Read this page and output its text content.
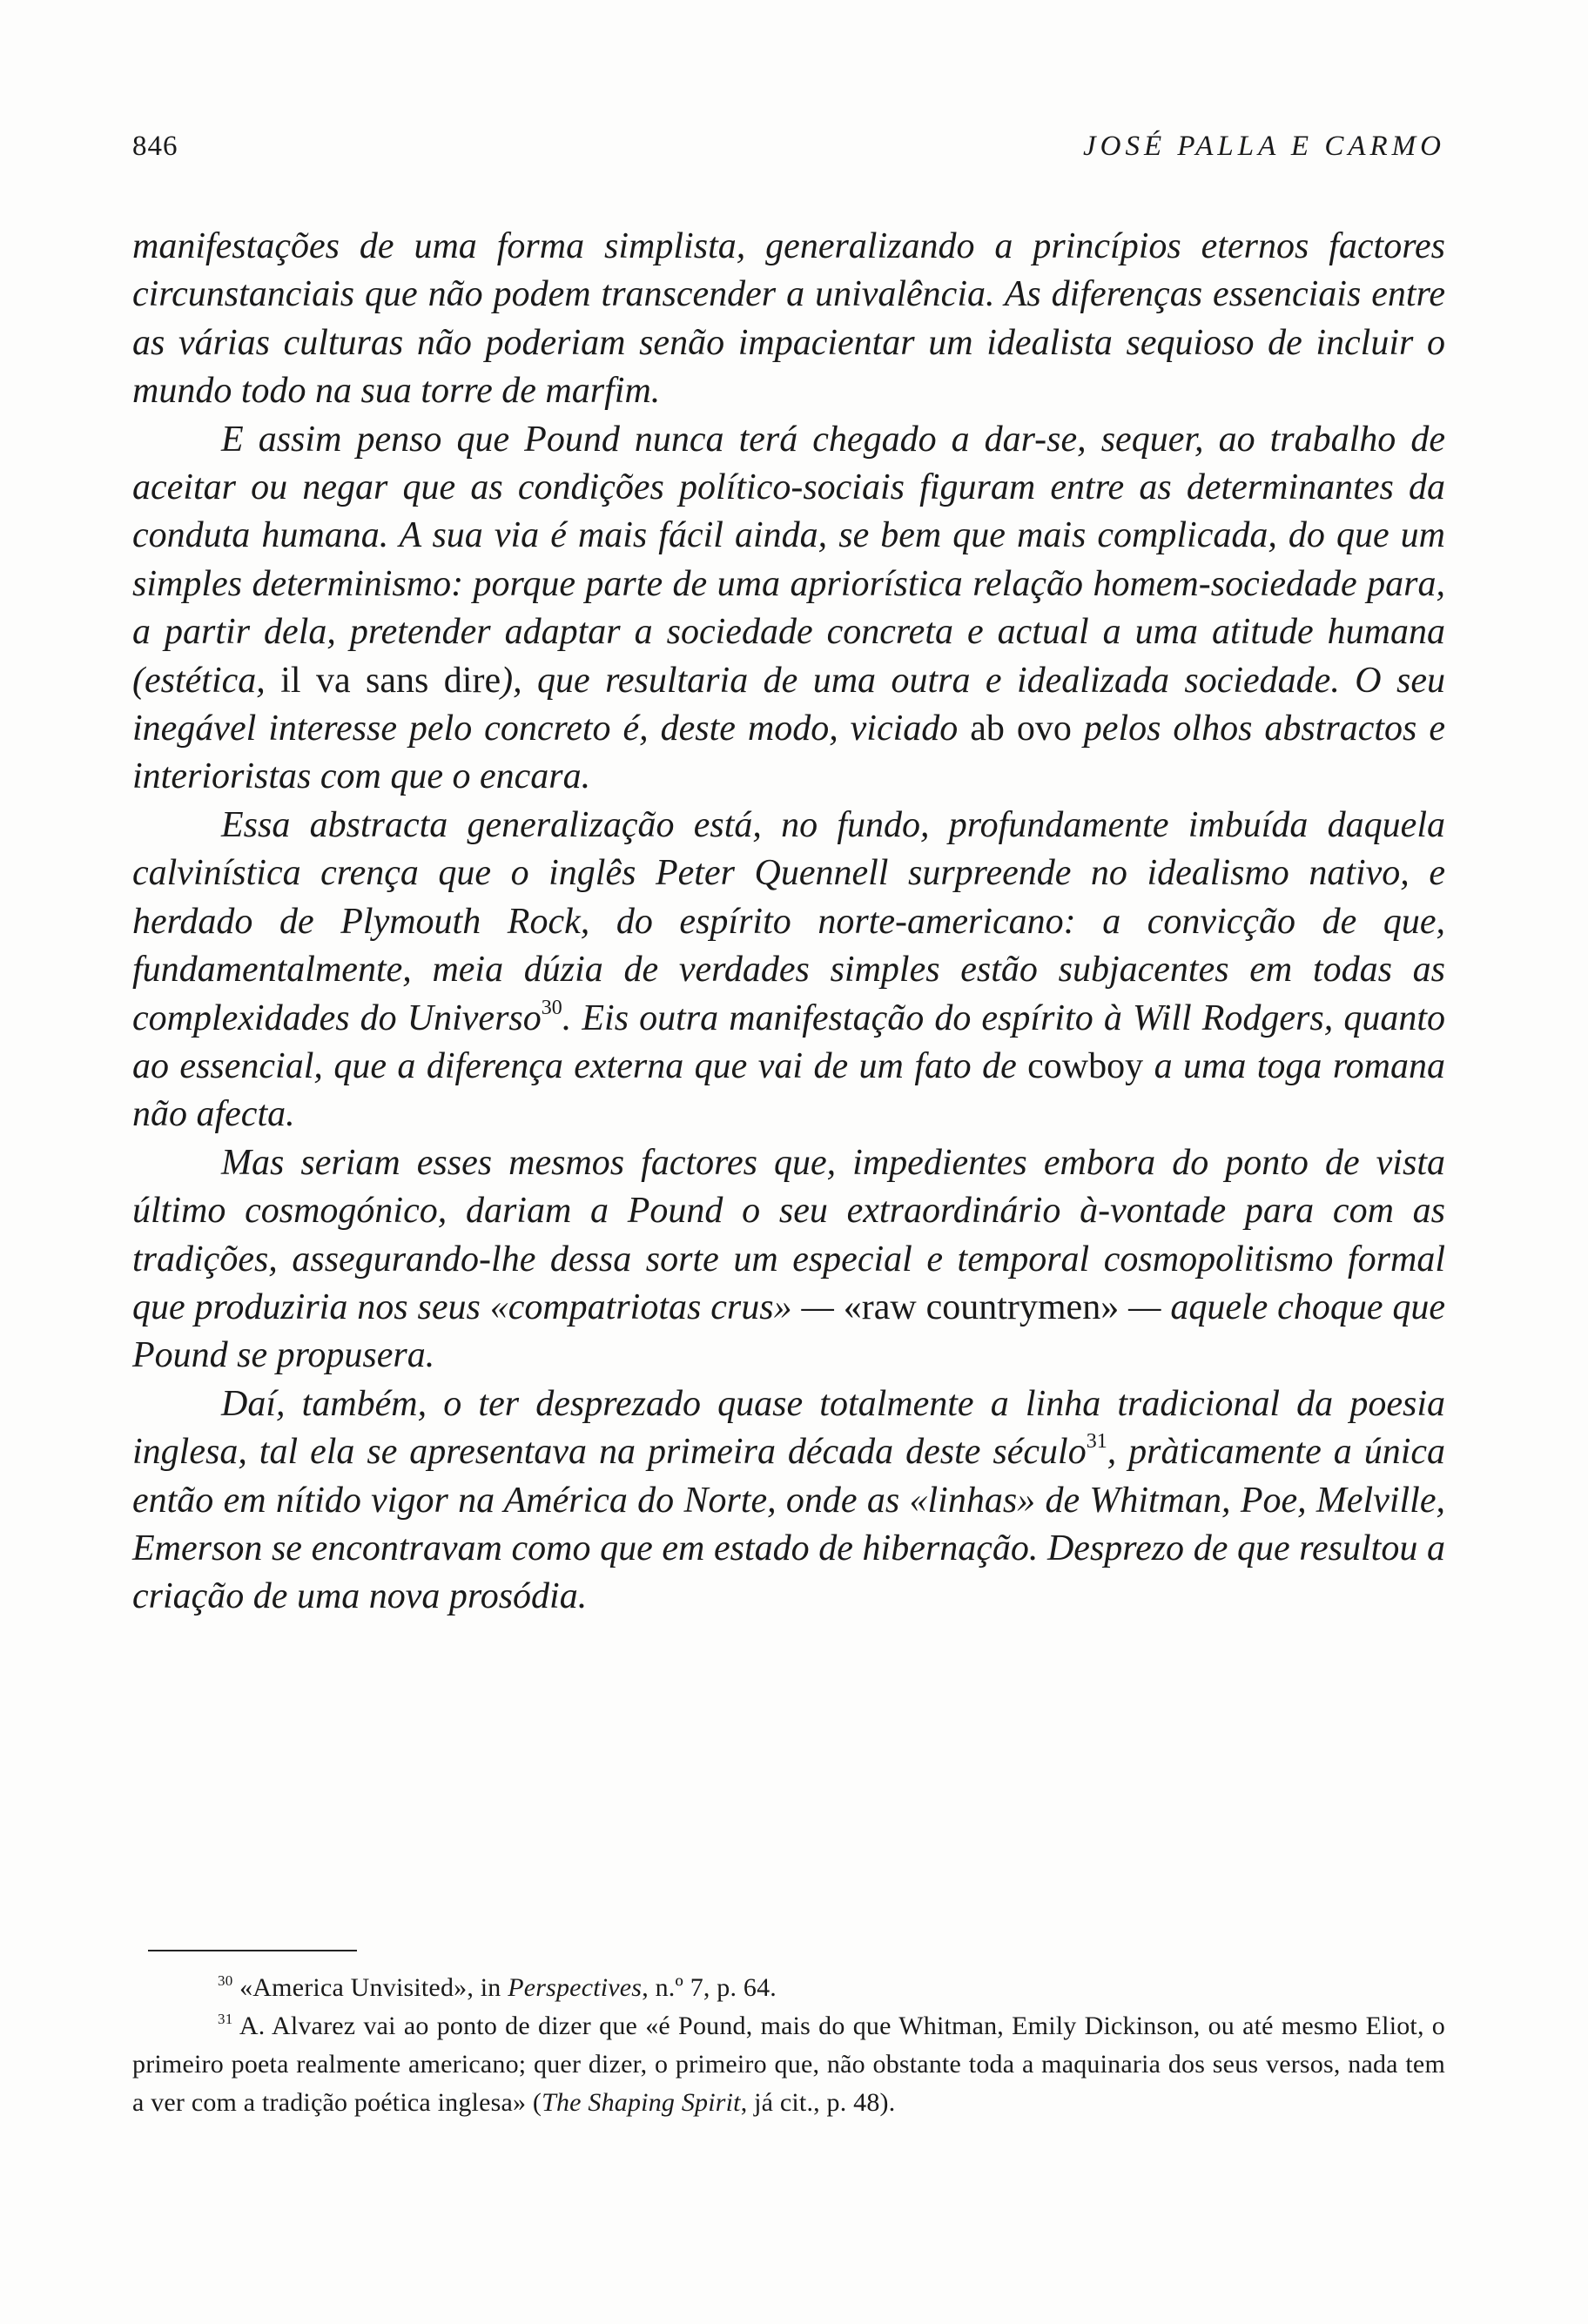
846	JOSÉ PALLA E CARMO

manifestações de uma forma simplista, generalizando a princípios eternos factores circunstanciais que não podem transcender a univalência. As diferenças essenciais entre as várias culturas não poderiam senão impacientar um idealista sequioso de incluir o mundo todo na sua torre de marfim.

E assim penso que Pound nunca terá chegado a dar-se, sequer, ao trabalho de aceitar ou negar que as condições político-sociais figuram entre as determinantes da conduta humana. A sua via é mais fácil ainda, se bem que mais complicada, do que um simples determinismo: porque parte de uma apriorística relação homem-sociedade para, a partir dela, pretender adaptar a sociedade concreta e actual a uma atitude humana (estética, il va sans dire), que resultaria de uma outra e idealizada sociedade. O seu inegável interesse pelo concreto é, deste modo, viciado ab ovo pelos olhos abstractos e interioristas com que o encara.

Essa abstracta generalização está, no fundo, profundamente imbuída daquela calvinística crença que o inglês Peter Quennell surpreende no idealismo nativo, e herdado de Plymouth Rock, do espírito norte-americano: a convicção de que, fundamentalmente, meia dúzia de verdades simples estão subjacentes em todas as complexidades do Universo$^{30}$. Eis outra manifestação do espírito à Will Rodgers, quanto ao essencial, que a diferença externa que vai de um fato de cowboy a uma toga romana não afecta.

Mas seriam esses mesmos factores que, impedientes embora do ponto de vista último cosmogónico, dariam a Pound o seu extraordinário à-vontade para com as tradições, assegurando-lhe dessa sorte um especial e temporal cosmopolitismo formal que produziria nos seus «compatriotas crus» — «raw countrymen» — aquele choque que Pound se propusera.

Daí, também, o ter desprezado quase totalmente a linha tradicional da poesia inglesa, tal ela se apresentava na primeira década deste século$^{31}$, pràticamente a única então em nítido vigor na América do Norte, onde as «linhas» de Whitman, Poe, Melville, Emerson se encontravam como que em estado de hibernação. Desprezo de que resultou a criação de uma nova prosódia.

$^{30}$ «America Unvisited», in Perspectives, n.º 7, p. 64.

$^{31}$ A. Alvarez vai ao ponto de dizer que «é Pound, mais do que Whitman, Emily Dickinson, ou até mesmo Eliot, o primeiro poeta realmente americano; quer dizer, o primeiro que, não obstante toda a maquinaria dos seus versos, nada tem a ver com a tradição poética inglesa» (The Shaping Spirit, já cit., p. 48).
